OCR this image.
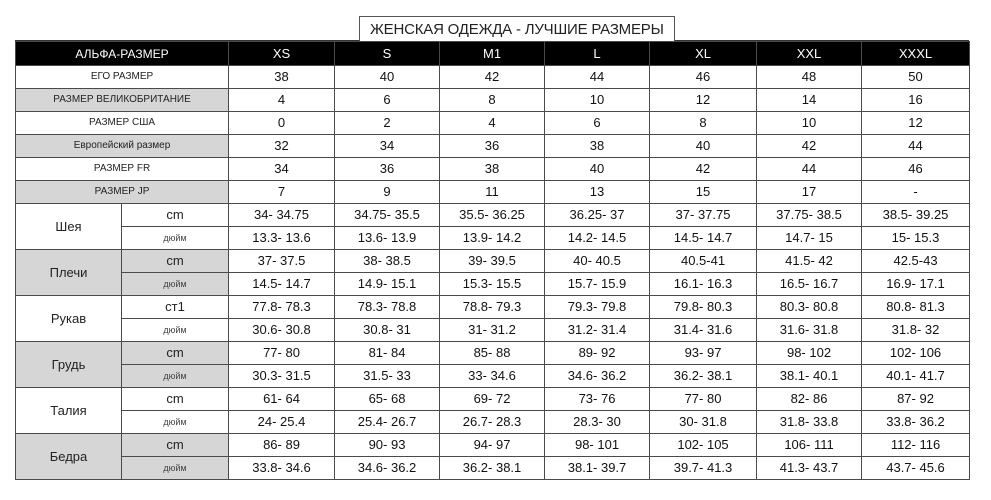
ЖЕНСКАЯ ОДЕЖДА - ЛУЧШИЕ РАЗМЕРЫ
АЛЬФА-РАЗМЕР		XS	S	M1	L	XL	XXL	XXXL
ЕГО РАЗМЕР		38	40	42	44	46	48	50
РАЗМЕР ВЕЛИКОБРИТАНИЕ		4	6	8	10	12	14	16
РАЗМЕР США		0	2	4	6	8	10	12
Европейский размер		32	34	36	38	40	42	44
РАЗМЕР FR		34	36	38	40	42	44	46
РАЗМЕР JP		7	9	11	13	15	17	-
Шея	cm	34- 34.75	34.75- 35.5	35.5- 36.25	36.25- 37	37- 37.75	37.75- 38.5	38.5- 39.25
	дюйм	13.3- 13.6	13.6- 13.9	13.9- 14.2	14.2- 14.5	14.5- 14.7	14.7- 15	15- 15.3
Плечи	cm	37- 37.5	38- 38.5	39- 39.5	40- 40.5	40.5-41	41.5- 42	42.5-43
	дюйм	14.5- 14.7	14.9- 15.1	15.3- 15.5	15.7- 15.9	16.1- 16.3	16.5- 16.7	16.9- 17.1
Рукав	ст1	77.8- 78.3	78.3- 78.8	78.8- 79.3	79.3- 79.8	79.8- 80.3	80.3- 80.8	80.8- 81.3
	дюйм	30.6- 30.8	30.8- 31	31- 31.2	31.2- 31.4	31.4- 31.6	31.6- 31.8	31.8- 32
Грудь	cm	77- 80	81- 84	85- 88	89- 92	93- 97	98- 102	102- 106
	дюйм	30.3- 31.5	31.5- 33	33- 34.6	34.6- 36.2	36.2- 38.1	38.1- 40.1	40.1- 41.7
Талия	cm	61- 64	65- 68	69- 72	73- 76	77- 80	82- 86	87- 92
	дюйм	24- 25.4	25.4- 26.7	26.7- 28.3	28.3- 30	30- 31.8	31.8- 33.8	33.8- 36.2
Бедра	cm	86- 89	90- 93	94- 97	98- 101	102- 105	106- 111	112- 116
	дюйм	33.8- 34.6	34.6- 36.2	36.2- 38.1	38.1- 39.7	39.7- 41.3	41.3- 43.7	43.7- 45.6
